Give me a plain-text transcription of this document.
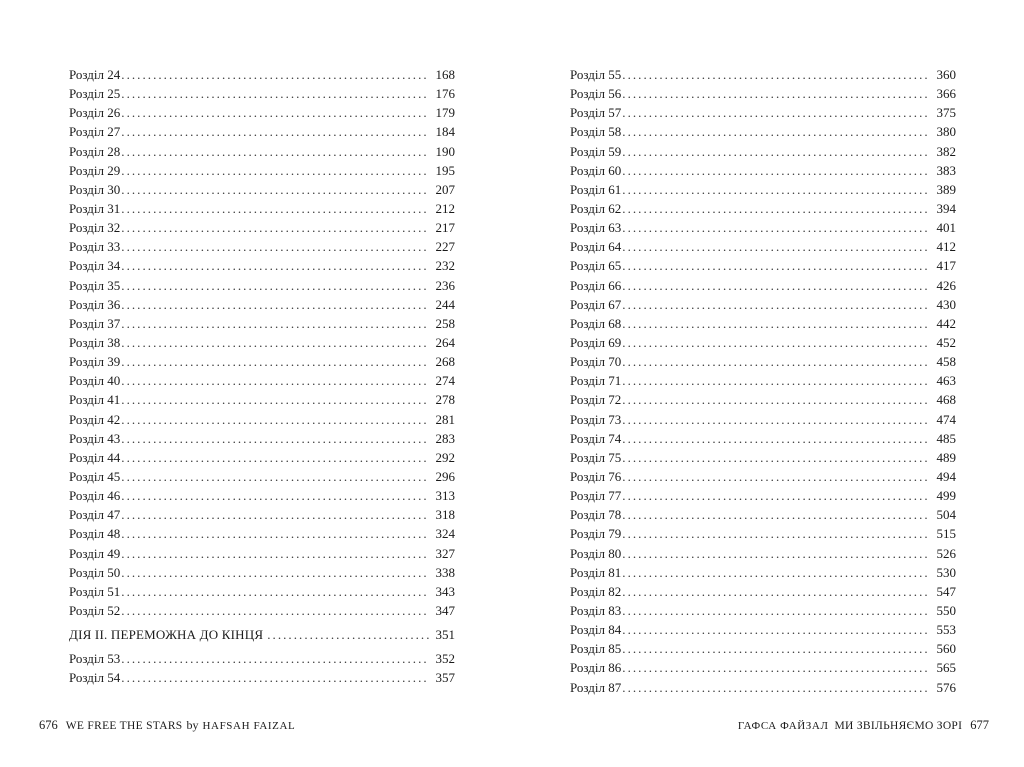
Розділ 24 . . .	168
Розділ 25 . . .	176
Розділ 26 . . .	179
Розділ 27 . . .	184
Розділ 28 . . .	190
Розділ 29 . . .	195
Розділ 30 . . .	207
Розділ 31 . . .	212
Розділ 32 . . .	217
Розділ 33 . . .	227
Розділ 34 . . .	232
Розділ 35 . . .	236
Розділ 36 . . .	244
Розділ 37 . . .	258
Розділ 38 . . .	264
Розділ 39 . . .	268
Розділ 40 . . .	274
Розділ 41 . . .	278
Розділ 42 . . .	281
Розділ 43 . . .	283
Розділ 44 . . .	292
Розділ 45 . . .	296
Розділ 46 . . .	313
Розділ 47 . . .	318
Розділ 48 . . .	324
Розділ 49 . . .	327
Розділ 50 . . .	338
Розділ 51 . . .	343
Розділ 52 . . .	347
ДІЯ ІІ. ПЕРЕМОЖНА ДО КІНЦЯ . . .	351
Розділ 53 . . .	352
Розділ 54 . . .	357
676 WE FREE THE STARS by HAFSAH FAIZAL
Розділ 55 . . .	360
Розділ 56 . . .	366
Розділ 57 . . .	375
Розділ 58 . . .	380
Розділ 59 . . .	382
Розділ 60 . . .	383
Розділ 61 . . .	389
Розділ 62 . . .	394
Розділ 63 . . .	401
Розділ 64 . . .	412
Розділ 65 . . .	417
Розділ 66 . . .	426
Розділ 67 . . .	430
Розділ 68 . . .	442
Розділ 69 . . .	452
Розділ 70 . . .	458
Розділ 71 . . .	463
Розділ 72 . . .	468
Розділ 73 . . .	474
Розділ 74 . . .	485
Розділ 75 . . .	489
Розділ 76 . . .	494
Розділ 77 . . .	499
Розділ 78 . . .	504
Розділ 79 . . .	515
Розділ 80 . . .	526
Розділ 81 . . .	530
Розділ 82 . . .	547
Розділ 83 . . .	550
Розділ 84 . . .	553
Розділ 85 . . .	560
Розділ 86 . . .	565
Розділ 87 . . .	576
ГАФСА ФАЙЗАЛ МИ ЗВІЛЬНЯЄМО ЗОРІ 677
